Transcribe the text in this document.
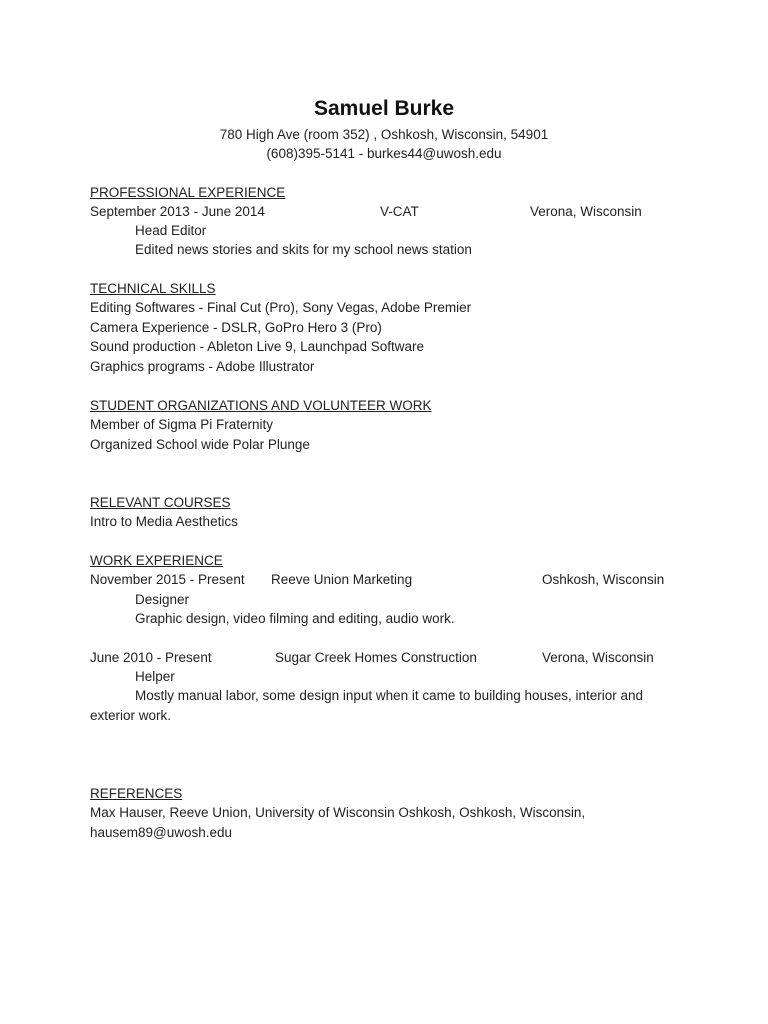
Samuel Burke
780 High Ave (room 352) , Oshkosh, Wisconsin, 54901
(608)395-5141 - burkes44@uwosh.edu
PROFESSIONAL EXPERIENCE
September 2013 - June 2014	V-CAT	Verona, Wisconsin
Head Editor
Edited news stories and skits for my school news station
TECHNICAL SKILLS
Editing Softwares - Final Cut (Pro), Sony Vegas, Adobe Premier
Camera Experience - DSLR, GoPro Hero 3 (Pro)
Sound production - Ableton Live 9, Launchpad Software
Graphics programs - Adobe Illustrator
STUDENT ORGANIZATIONS AND VOLUNTEER WORK
Member of Sigma Pi Fraternity
Organized School wide Polar Plunge
RELEVANT COURSES
Intro to Media Aesthetics
WORK EXPERIENCE
November 2015 - Present Reeve Union Marketing	Oshkosh, Wisconsin
Designer
Graphic design, video filming and editing, audio work.
June 2010 - Present	Sugar Creek Homes Construction	Verona, Wisconsin
Helper
Mostly manual labor, some design input when it came to building houses, interior and
exterior work.
REFERENCES
Max Hauser, Reeve Union, University of Wisconsin Oshkosh, Oshkosh, Wisconsin,
hausem89@uwosh.edu
